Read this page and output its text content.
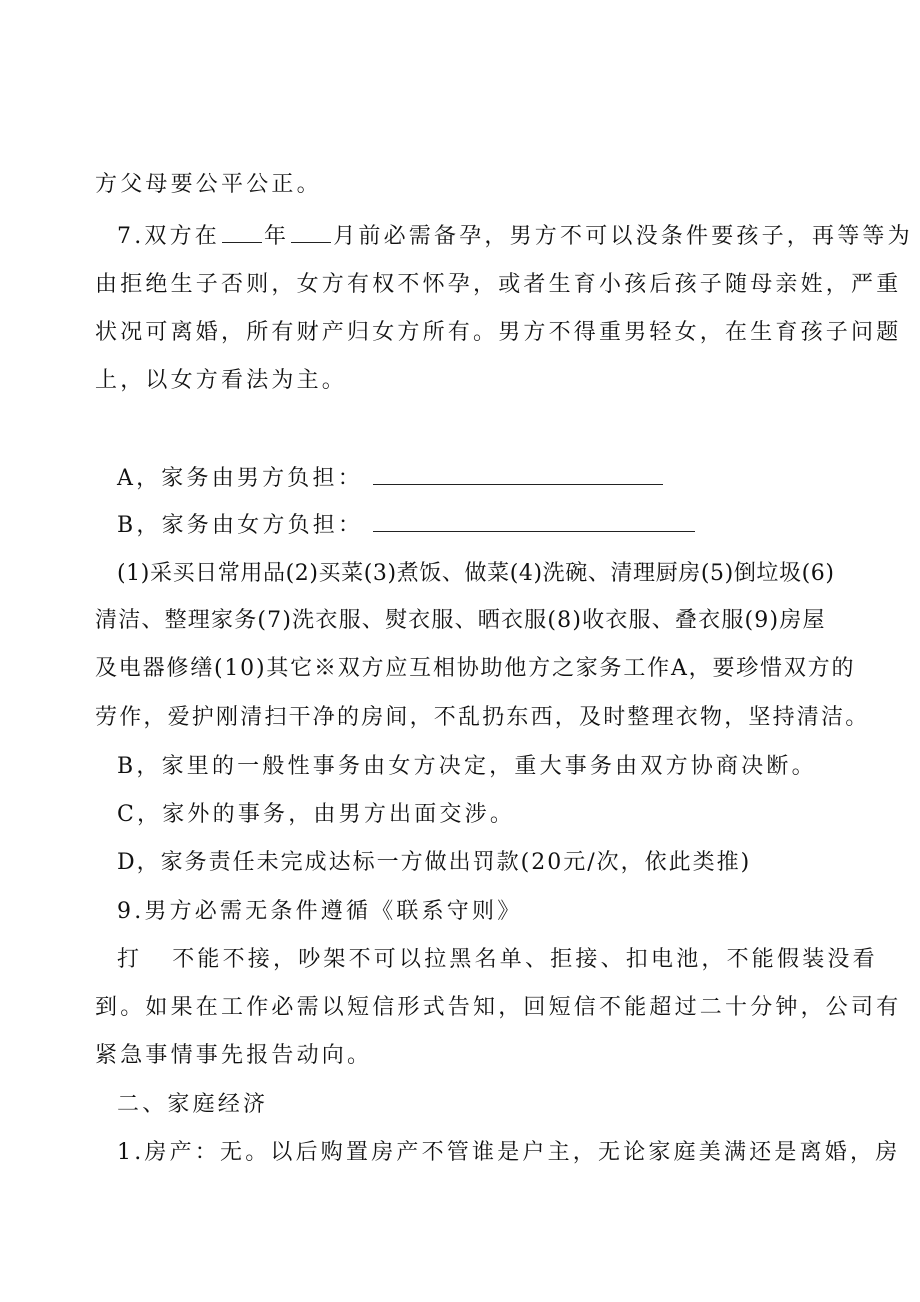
方父母要公平公正。
7.双方在 年 月前必需备孕，男方不可以没条件要孩子，再等等为
由拒绝生子否则，女方有权不怀孕，或者生育小孩后孩子随母亲姓，严重
状况可离婚，所有财产归女方所有。男方不得重男轻女，在生育孩子问题
上，以女方看法为主。
A，家务由男方负担：
B，家务由女方负担：
(1)采买日常用品(2)买菜(3)煮饭、做菜(4)洗碗、清理厨房(5)倒垃圾(6)
清洁、整理家务(7)洗衣服、熨衣服、晒衣服(8)收衣服、叠衣服(9)房屋
及电器修缮(10)其它※双方应互相协助他方之家务工作A，要珍惜双方的
劳作，爱护刚清扫干净的房间，不乱扔东西，及时整理衣物，坚持清洁。
B，家里的一般性事务由女方决定，重大事务由双方协商决断。
C，家外的事务，由男方出面交涉。
D，家务责任未完成达标一方做出罚款(20元/次，依此类推)
9.男方必需无条件遵循《联系守则》
打 不能不接，吵架不可以拉黑名单、拒接、扣电池，不能假装没看
到。如果在工作必需以短信形式告知，回短信不能超过二十分钟，公司有
紧急事情事先报告动向。
二、家庭经济
1.房产：无。以后购置房产不管谁是户主，无论家庭美满还是离婚，房
